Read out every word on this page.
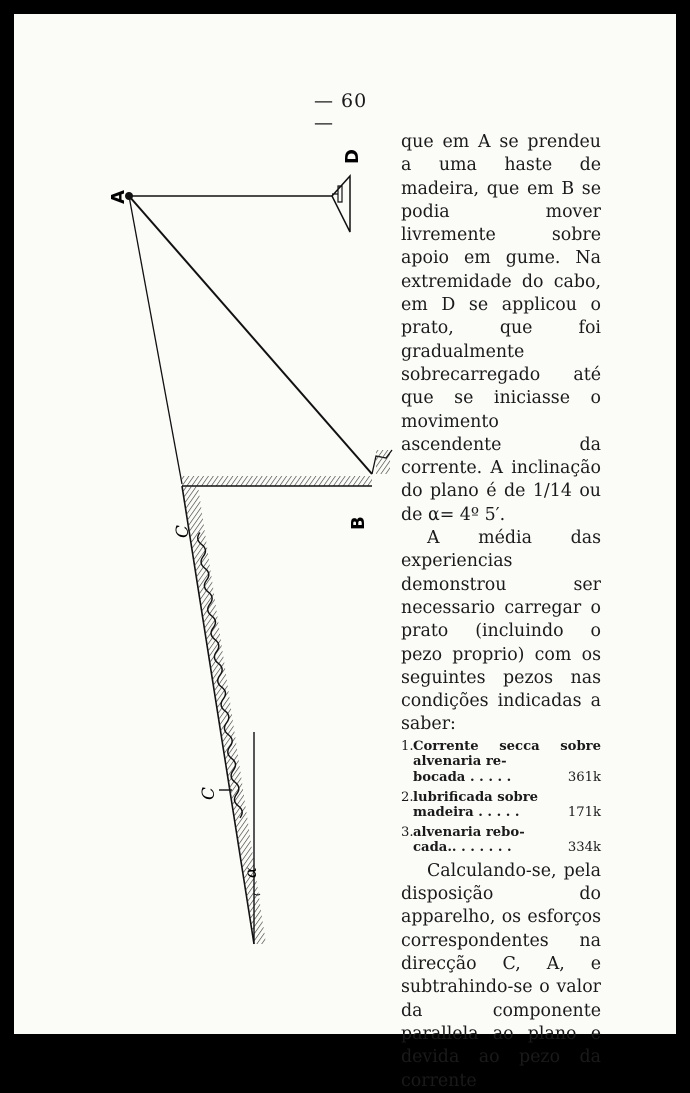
— 60 —
A
D
B
C
C
α

que em A se prendeu a uma haste de madeira, que em B se podia mover livremente sobre apoio em gume. Na extremidade do cabo, em D se applicou o prato, que foi gradualmente sobrecarregado até que se iniciasse o movimento ascendente da corrente. A inclinação do plano é de 1/14 ou de α= 4º 5′.

A média das experiencias demonstrou ser necessario carregar o prato (incluindo o pezo proprio) com os seguintes pezos nas condições indicadas a saber:

1. Corrente secca sobre alvenaria re-
bocada . . . . .	361k
2. lubrificada sobre
madeira . . . . .	171k
3. alvenaria rebo-
cada.. . . . . . .	334k

Calculando-se, pela disposição do apparelho, os esforços correspondentes na direcção C, A, e subtrahindo-se o valor da componente parallela ao plano e devida ao pezo da corrente
